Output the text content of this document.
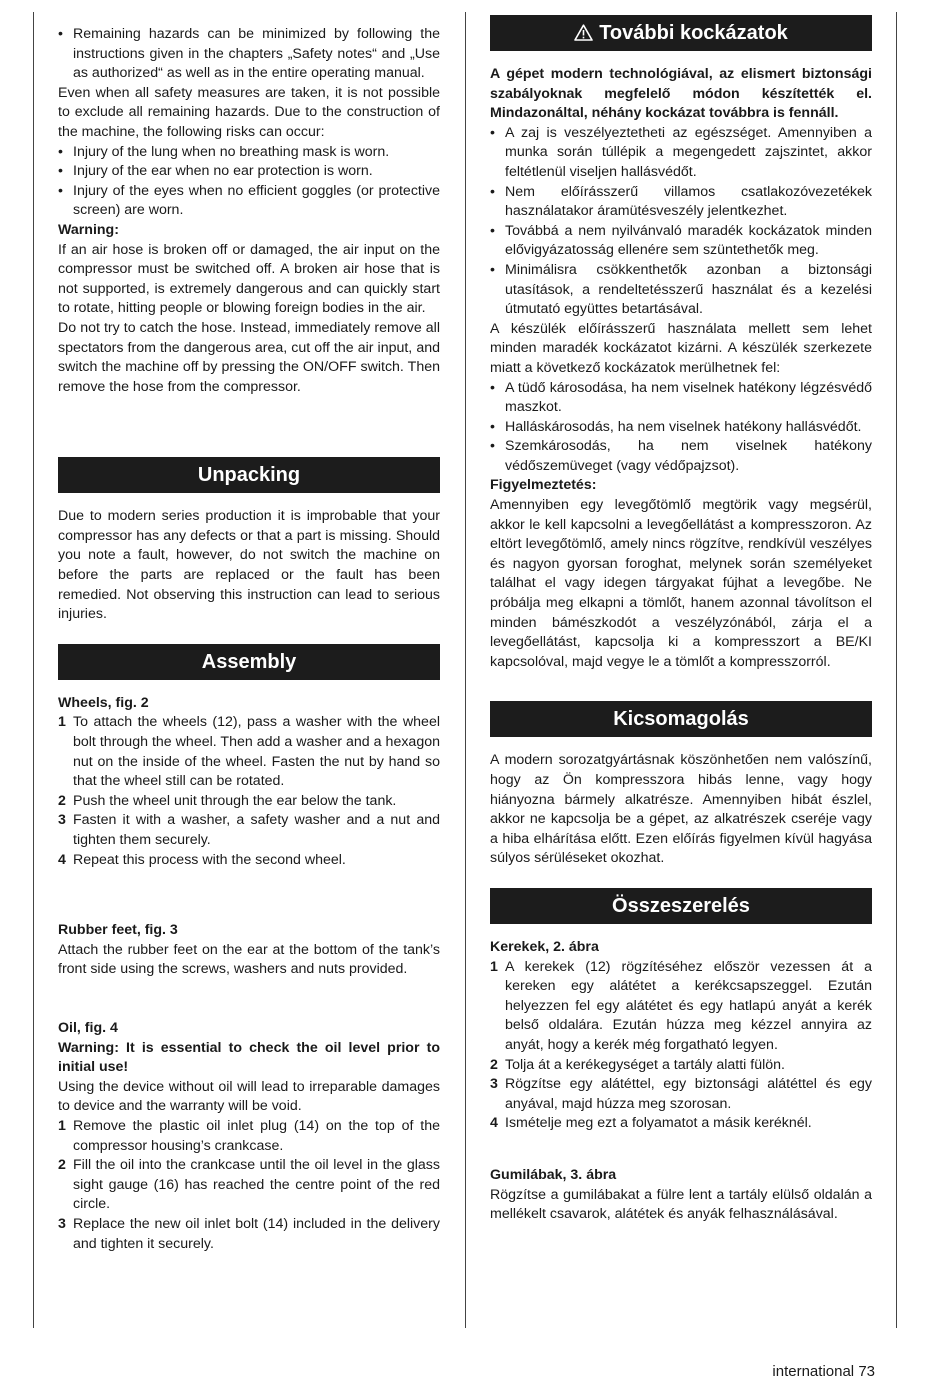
• Remaining hazards can be minimized by following the instructions given in the chapters „Safety notes“ and „Use as authorized“ as well as in the entire operating manual.

Even when all safety measures are taken, it is not possible to exclude all remaining hazards. Due to the construction of the machine, the following risks can occur:

• Injury of the lung when no breathing mask is worn.
• Injury of the ear when no ear protection is worn.
• Injury of the eyes when no efficient goggles (or protective screen) are worn.

Warning:

If an air hose is broken off or damaged, the air input on the compressor must be switched off. A broken air hose that is not supported, is extremely dangerous and can quickly start to rotate, hitting people or blowing foreign bodies in the air.

Do not try to catch the hose. Instead, immediately remove all spectators from the dangerous area, cut off the air input, and switch the machine off by pressing the ON/OFF switch. Then remove the hose from the compressor.

Unpacking

Due to modern series production it is improbable that your compressor has any defects or that a part is missing. Should you note a fault, however, do not switch the machine on before the parts are replaced or the fault has been remedied. Not observing this instruction can lead to serious injuries.

Assembly

Wheels, fig. 2

1 To attach the wheels (12), pass a washer with the wheel bolt through the wheel. Then add a washer and a hexagon nut on the inside of the wheel. Fasten the nut by hand so that the wheel still can be rotated.
2 Push the wheel unit through the ear below the tank.
3 Fasten it with a washer, a safety washer and a nut and tighten them securely.
4 Repeat this process with the second wheel.

Rubber feet, fig. 3

Attach the rubber feet on the ear at the bottom of the tank’s front side using the screws, washers and nuts provided.

Oil, fig. 4

Warning: It is essential to check the oil level prior to initial use!

Using the device without oil will lead to irreparable damages to device and the warranty will be void.

1 Remove the plastic oil inlet plug (14) on the top of the compressor housing’s crankcase.
2 Fill the oil into the crankcase until the oil level in the glass sight gauge (16) has reached the centre point of the red circle.
3 Replace the new oil inlet bolt (14) included in the delivery and tighten it securely.
További kockázatok

A gépet modern technológiával, az elismert biztonsági szabályoknak megfelelő módon készítették el. Mindazonáltal, néhány kockázat továbbra is fennáll.

• A zaj is veszélyeztetheti az egészséget. Amennyiben a munka során túllépik a megengedett zajszintet, akkor feltétlenül viseljen hallásvédőt.
• Nem előírásszerű villamos csatlakozóvezetékek használatakor áramütésveszély jelentkezhet.
• Továbbá a nem nyilvánvaló maradék kockázatok minden elővigyázatosság ellenére sem szüntethetők meg.
• Minimálisra csökkenthetők azonban a biztonsági utasítások, a rendeltetésszerű használat és a kezelési útmutató együttes betartásával.

A készülék előírásszerű használata mellett sem lehet minden maradék kockázatot kizárni. A készülék szerkezete miatt a következő kockázatok merülhetnek fel:

• A tüdő károsodása, ha nem viselnek hatékony légzésvédő maszkot.
• Halláskárosodás, ha nem viselnek hatékony hallásvédőt.
• Szemkárosodás, ha nem viselnek hatékony védőszemüveget (vagy védőpajzsot).

Figyelmeztetés:

Amennyiben egy levegőtömlő megtörik vagy megsérül, akkor le kell kapcsolni a levegőellátást a kompresszoron. Az eltört levegőtömlő, amely nincs rögzítve, rendkívül veszélyes és nagyon gyorsan foroghat, melynek során személyeket találhat el vagy idegen tárgyakat fújhat a levegőbe. Ne próbálja meg elkapni a tömlőt, hanem azonnal távolítson el minden bámészkodót a veszélyzónából, zárja el a levegőellátást, kapcsolja ki a kompresszort a BE/KI kapcsolóval, majd vegye le a tömlőt a kompresszorról.

Kicsomagolás

A modern sorozatgyártásnak köszönhetően nem valószínű, hogy az Ön kompresszora hibás lenne, vagy hogy hiányozna bármely alkatrésze. Amennyiben hibát észlel, akkor ne kapcsolja be a gépet, az alkatrészek cseréje vagy a hiba elhárítása előtt. Ezen előírás figyelmen kívül hagyása súlyos sérüléseket okozhat.

Összeszerelés

Kerekek, 2. ábra

1 A kerekek (12) rögzítéséhez először vezessen át a kereken egy alátétet a kerékcsapszeggel. Ezután helyezzen fel egy alátétet és egy hatlapú anyát a kerék belső oldalára. Ezután húzza meg kézzel annyira az anyát, hogy a kerék még forgatható legyen.
2 Tolja át a kerékegységet a tartály alatti fülön.
3 Rögzítse egy alátéttel, egy biztonsági alátéttel és egy anyával, majd húzza meg szorosan.
4 Ismételje meg ezt a folyamatot a másik keréknél.

Gumilábak, 3. ábra

Rögzítse a gumilábakat a fülre lent a tartály elülső oldalán a mellékelt csavarok, alátétek és anyák felhasználásával.

international 73
